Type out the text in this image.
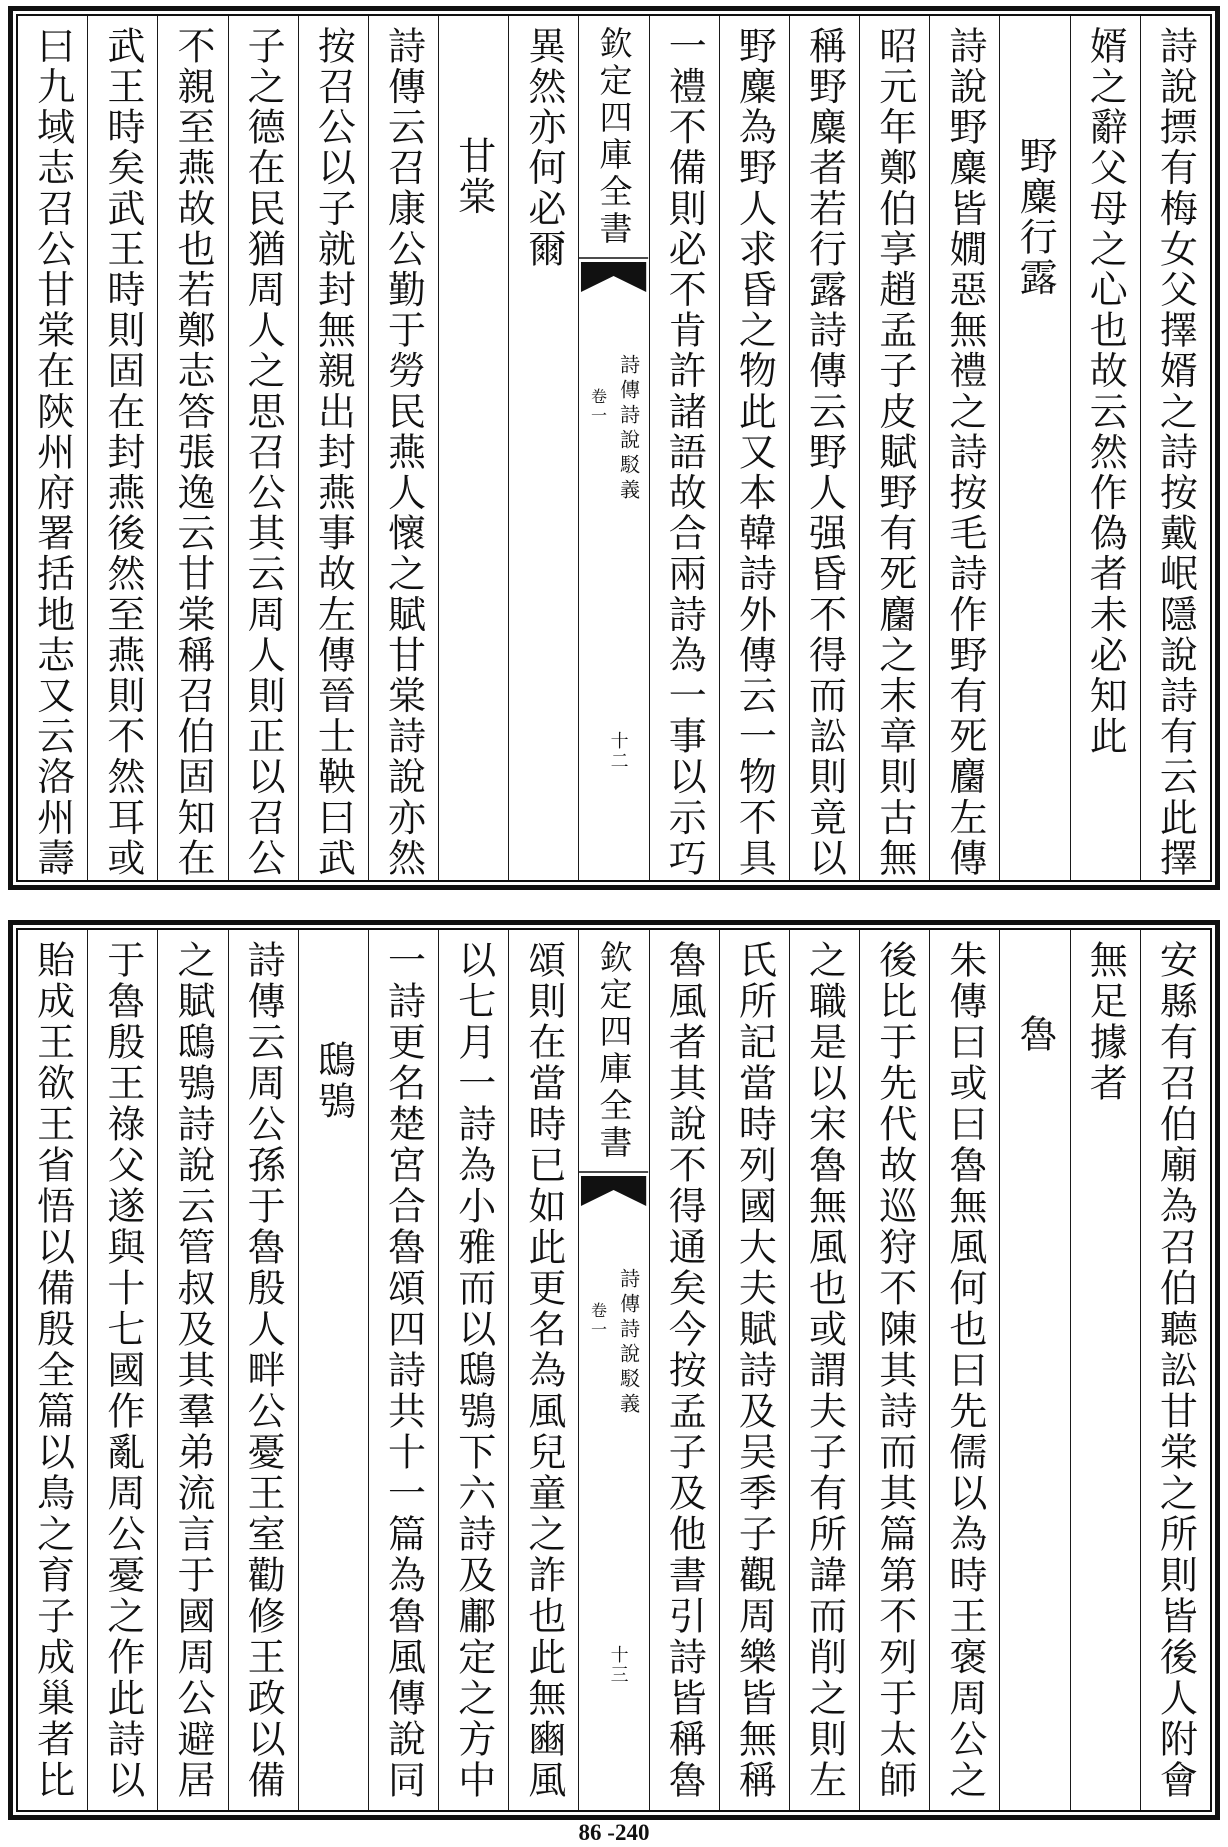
詩說摽有梅女父擇婿之詩按戴岷隱說詩有云此擇
婿之辭父母之心也故云然作偽者未必知此
野麋行露
詩說野麋皆嫺惡無禮之詩按毛詩作野有死麕左傳
昭元年鄭伯享趙孟子皮賦野有死麕之末章則古無
稱野麋者若行露詩傳云野人强昏不得而訟則竟以
野麋為野人求昏之物此又本韓詩外傳云一物不具
一禮不備則必不肯許諸語故合兩詩為一事以示巧
欽定四庫全書
詩傳詩說駁義
卷一
十二
異然亦何必爾
甘棠
詩傳云召康公勤于勞民燕人懷之賦甘棠詩說亦然
按召公以子就封無親出封燕事故左傳晉士鞅曰武
子之德在民猶周人之思召公其云周人則正以召公
不親至燕故也若鄭志答張逸云甘棠稱召伯固知在
武王時矣武王時則固在封燕後然至燕則不然耳或
曰九域志召公甘棠在陝州府署括地志又云洛州壽
安縣有召伯廟為召伯聽訟甘棠之所則皆後人附會
無足據者
魯
朱傳曰或曰魯無風何也曰先儒以為時王褒周公之
後比于先代故巡狩不陳其詩而其篇第不列于太師
之職是以宋魯無風也或謂夫子有所諱而削之則左
氏所記當時列國大夫賦詩及吴季子觀周樂皆無稱
魯風者其說不得通矣今按孟子及他書引詩皆稱魯
欽定四庫全書
詩傳詩說駁義
卷一
十三
頌則在當時已如此更名為風兒童之詐也此無豳風
以七月一詩為小雅而以鴟鴞下六詩及鄘定之方中
一詩更名楚宮合魯頌四詩共十一篇為魯風傳說同
鴟鴞
詩傳云周公孫于魯殷人畔公憂王室勸修王政以備
之賦鴟鴞詩說云管叔及其羣弟流言于國周公避居
于魯殷王祿父遂與十七國作亂周公憂之作此詩以
貽成王欲王省悟以備殷全篇以鳥之育子成巢者比
86 -240
